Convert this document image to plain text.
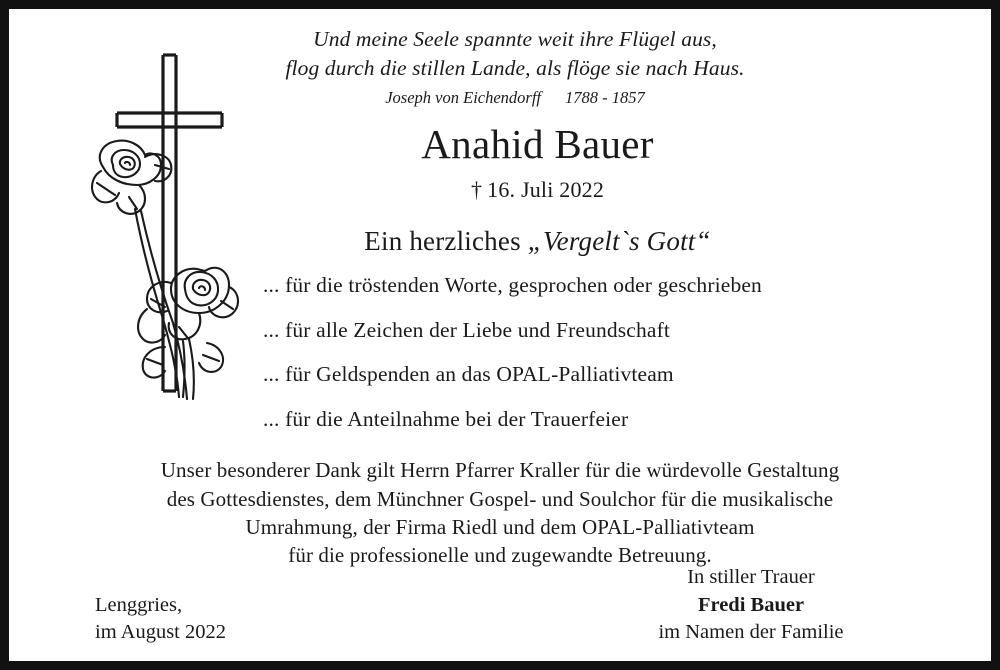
Und meine Seele spannte weit ihre Flügel aus,
flog durch die stillen Lande, als flöge sie nach Haus.
Joseph von Eichendorff 1788 - 1857
Anahid Bauer
† 16. Juli 2022
Ein herzliches „Vergelt`s Gott“
... für die tröstenden Worte, gesprochen oder geschrieben
... für alle Zeichen der Liebe und Freundschaft
... für Geldspenden an das OPAL-Palliativteam
... für die Anteilnahme bei der Trauerfeier
Unser besonderer Dank gilt Herrn Pfarrer Kraller für die würdevolle Gestaltung
des Gottesdienstes, dem Münchner Gospel- und Soulchor für die musikalische
Umrahmung, der Firma Riedl und dem OPAL-Palliativteam
für die professionelle und zugewandte Betreuung.
Lenggries,
im August 2022
In stiller Trauer
Fredi Bauer
im Namen der Familie
